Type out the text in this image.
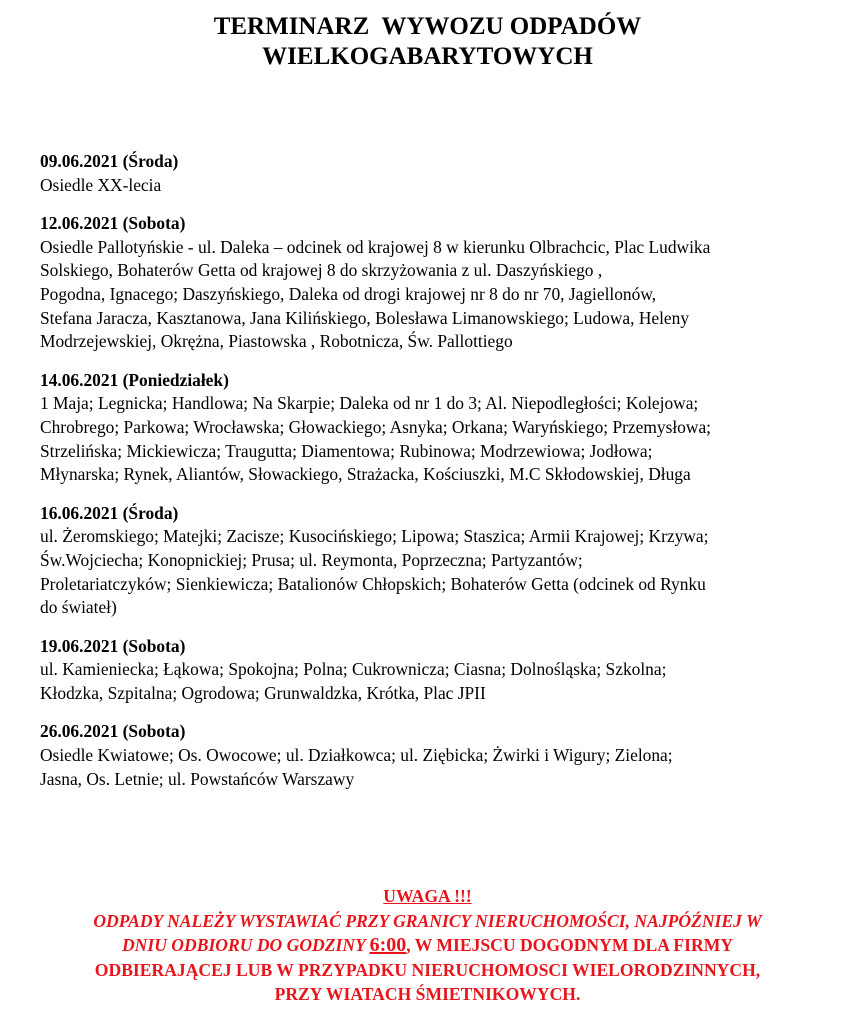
TERMINARZ  WYWOZU ODPADÓW
WIELKOGABARYTOWYCH
09.06.2021 (Środa)
Osiedle XX-lecia
12.06.2021 (Sobota)
Osiedle Pallotyńskie - ul. Daleka – odcinek od krajowej 8 w kierunku Olbrachcic, Plac Ludwika
Solskiego, Bohaterów Getta od krajowej 8 do skrzyżowania z ul. Daszyńskiego ,
Pogodna, Ignacego; Daszyńskiego, Daleka od drogi krajowej nr 8 do nr 70, Jagiellonów,
Stefana Jaracza, Kasztanowa, Jana Kilińskiego, Bolesława Limanowskiego; Ludowa, Heleny
Modrzejewskiej, Okrężna, Piastowska , Robotnicza, Św. Pallottiego
14.06.2021 (Poniedziałek)
1 Maja; Legnicka; Handlowa; Na Skarpie; Daleka od nr 1 do 3; Al. Niepodległości; Kolejowa;
Chrobrego; Parkowa; Wrocławska; Głowackiego; Asnyka; Orkana; Waryńskiego; Przemysłowa;
Strzelińska; Mickiewicza; Traugutta; Diamentowa; Rubinowa; Modrzewiowa; Jodłowa;
Młynarska; Rynek, Aliantów, Słowackiego, Strażacka, Kościuszki, M.C Skłodowskiej, Długa
16.06.2021 (Środa)
ul. Żeromskiego; Matejki; Zacisze; Kusocińskiego; Lipowa; Staszica; Armii Krajowej; Krzywa;
Św.Wojciecha; Konopnickiej; Prusa; ul. Reymonta, Poprzeczna; Partyzantów;
Proletariatczyków; Sienkiewicza; Batalionów Chłopskich; Bohaterów Getta (odcinek od Rynku
do świateł)
19.06.2021 (Sobota)
ul. Kamieniecka; Łąkowa; Spokojna; Polna; Cukrownicza; Ciasna; Dolnośląska; Szkolna;
Kłodzka, Szpitalna; Ogrodowa; Grunwaldzka, Krótka, Plac JPII
26.06.2021 (Sobota)
Osiedle Kwiatowe; Os. Owocowe; ul. Działkowca; ul. Ziębicka; Żwirki i Wigury; Zielona;
Jasna, Os. Letnie; ul. Powstańców Warszawy
UWAGA !!!
ODPADY NALEŻY WYSTAWIAĆ PRZY GRANICY NIERUCHOMOŚCI, NAJPÓŹNIEJ W
DNIU ODBIORU DO GODZINY 6:00, W MIEJSCU DOGODNYM DLA FIRMY
ODBIERAJĄCEJ LUB W PRZYPADKU NIERUCHOMOSCI WIELORODZINNYCH,
PRZY WIATACH ŚMIETNIKOWYCH.
